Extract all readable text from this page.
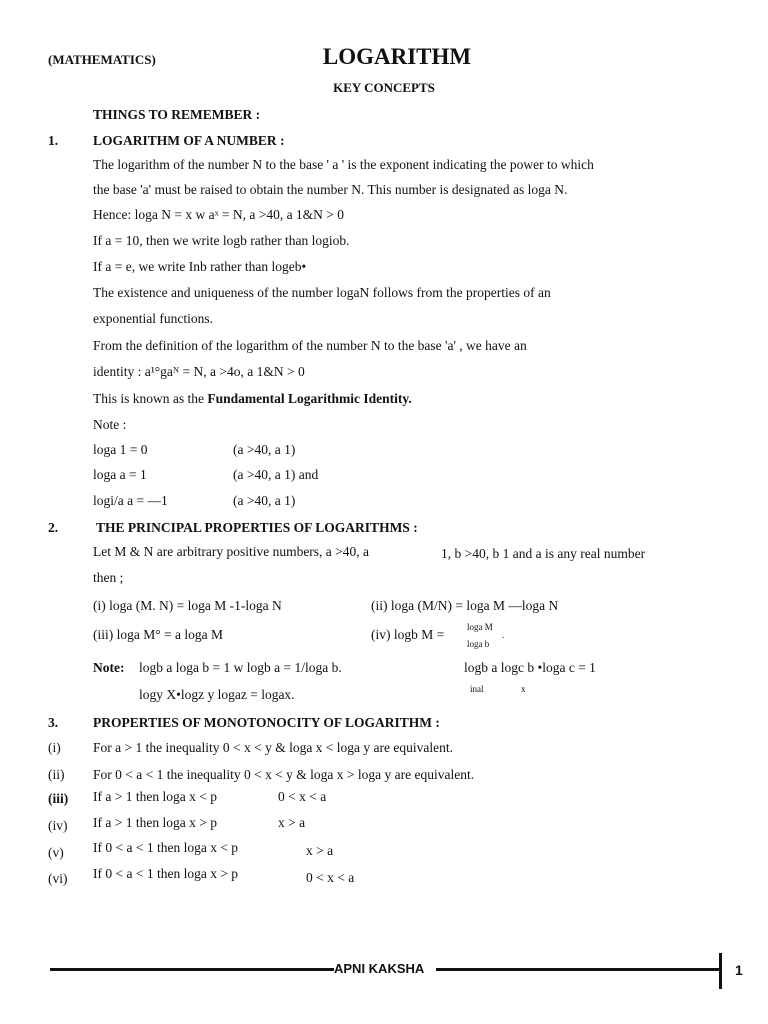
(MATHEMATICS)	LOGARITHM
KEY CONCEPTS
THINGS TO REMEMBER :
1.	LOGARITHM OF A NUMBER :
The logarithm of the number N to the base ' a ' is the exponent indicating the power to which
the base 'a' must be raised to obtain the number N. This number is designated as loga N.
Hence: loga N = x w aˣ = N, a >40, a 1&N > 0
If a = 10, then we write logb rather than logiob.
If a = e, we write Inb rather than logeb•
The existence and uniqueness of the number logaN follows from the properties of an
exponential functions.
From the definition of the logarithm of the number N to the base 'a' , we have an
identity : a¹°gaᴺ = N, a >4o, a 1&N > 0
This is known as the Fundamental Logarithmic Identity.
Note :
loga 1 = 0	(a >40, a 1)
loga a = 1	(a >40, a 1) and
logi/a a = —1	(a >40, a 1)
2.	THE PRINCIPAL PROPERTIES OF LOGARITHMS :
Let M & N are arbitrary positive numbers, a >40, a	1, b >40, b 1 and a is any real number
then ;
(i) loga (M. N) = loga M -1-loga N	(ii) loga (M/N) = loga M —loga N
(iii) loga M° = a loga M	(iv) logb M =	loga M
loga b
.
Note: logb a loga b = 1 w logb a = 1/loga b.	logb a logc b •loga c = 1
logy X•logz y logaz = logax.	inal	x
3.	PROPERTIES OF MONOTONOCITY OF LOGARITHM :
(i) For a > 1 the inequality 0 < x < y & loga x < loga y are equivalent.
(ii) For 0 < a < 1 the inequality 0 < x < y & loga x > loga y are equivalent.
(iii) If a > 1 then loga x < p	0 < x < a
(iv) If a > 1 then loga x > p	x > a
(v) If 0 < a < 1 then loga x < p	x > a
(vi) If 0 < a < 1 then loga x > p	0 < x < a
APNI KAKSHA	1
